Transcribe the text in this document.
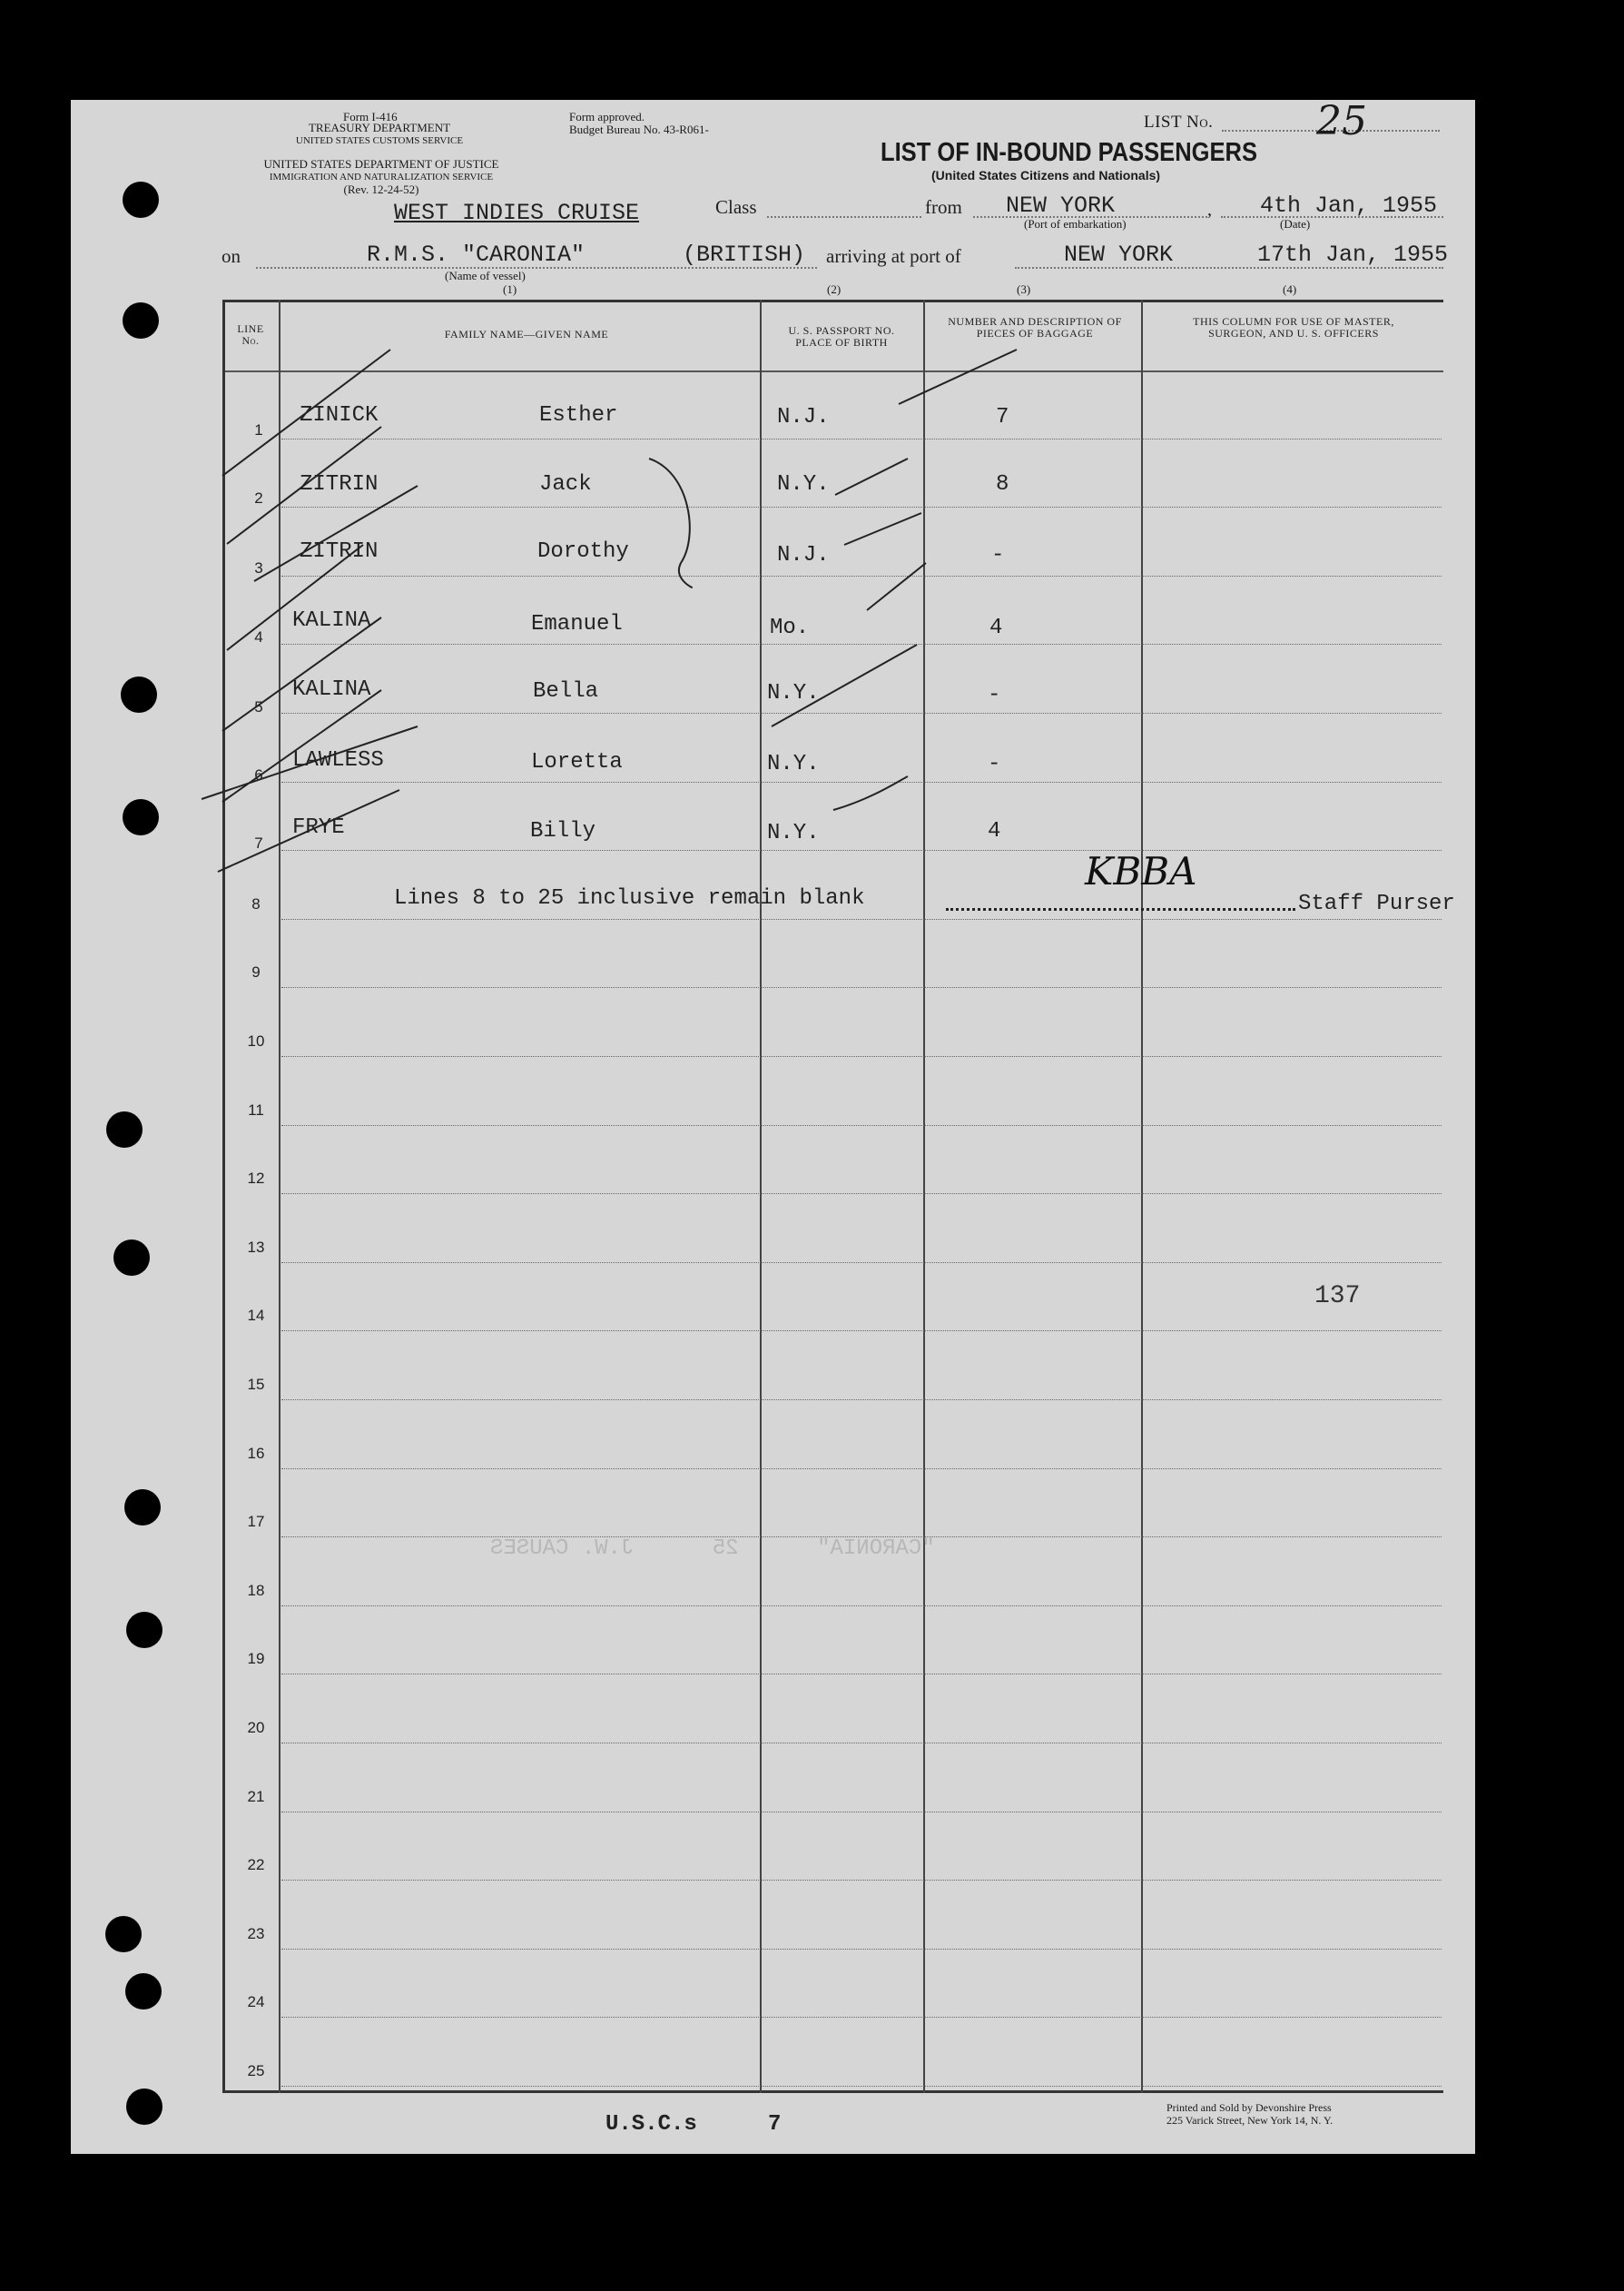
Form I-416
TREASURY DEPARTMENT
UNITED STATES CUSTOMS SERVICE
UNITED STATES DEPARTMENT OF JUSTICE
IMMIGRATION AND NATURALIZATION SERVICE
(Rev. 12-24-52)
Form approved.
Budget Bureau No. 43-R061-	LIST No.	25
LIST OF IN-BOUND PASSENGERS
(United States Citizens and Nationals)
WEST INDIES CRUISE	Class	from NEW YORK
(Port of embarkation)
, 4th Jan, 1955
(Date)
on	R.M.S. "CARONIA"	(BRITISH)
(Name of vessel)
arriving at port of	NEW YORK	17th Jan, 1955
(1)	(2)	(3)	(4)
LINE No.	FAMILY NAME—GIVEN NAME	U. S. PASSPORT NO. PLACE OF BIRTH
NUMBER AND DESCRIPTION OF PIECES OF BAGGAGE
THIS COLUMN FOR USE OF MASTER, SURGEON, AND U. S. OFFICERS
1
ZINICK	Esther	N.J.	7
2
ZITRIN	Jack	N.Y.	8
3
ZITRIN	Dorothy	N.J.	-
4
KALINA	Emanuel	Mo.	4
5
KALINA	Bella	N.Y.	-
6
LAWLESS	Loretta	N.Y.	-
7
FRYE	Billy	N.Y.	4
Lines 8 to 25 inclusive remain blank	Staff Purser
KBBA
8
9
10
11
12
13
14
15
16
17
18
19
20
21
22
23
24
25
137
"CARONIA"      25      J.W. CAUSES
U.S.C.s	7
Printed and Sold by Devonshire Press
225 Varick Street, New York 14, N. Y.
